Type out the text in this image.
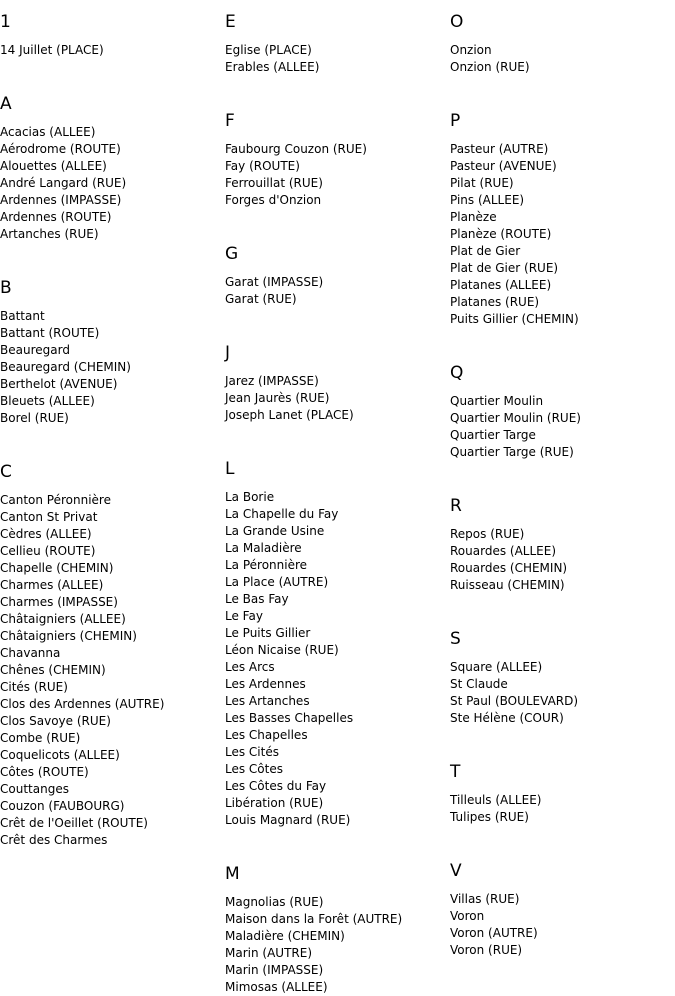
1
14 Juillet (PLACE)
A
Acacias (ALLEE)
Aérodrome (ROUTE)
Alouettes (ALLEE)
André Langard (RUE)
Ardennes (IMPASSE)
Ardennes (ROUTE)
Artanches (RUE)
B
Battant
Battant (ROUTE)
Beauregard
Beauregard (CHEMIN)
Berthelot (AVENUE)
Bleuets (ALLEE)
Borel (RUE)
C
Canton Péronnière
Canton St Privat
Cèdres (ALLEE)
Cellieu (ROUTE)
Chapelle (CHEMIN)
Charmes (ALLEE)
Charmes (IMPASSE)
Châtaigniers (ALLEE)
Châtaigniers (CHEMIN)
Chavanna
Chênes (CHEMIN)
Cités (RUE)
Clos des Ardennes (AUTRE)
Clos Savoye (RUE)
Combe (RUE)
Coquelicots (ALLEE)
Côtes (ROUTE)
Couttanges
Couzon (FAUBOURG)
Crêt de l'Oeillet (ROUTE)
Crêt des Charmes
E
Eglise (PLACE)
Erables (ALLEE)
F
Faubourg Couzon (RUE)
Fay (ROUTE)
Ferrouillat (RUE)
Forges d'Onzion
G
Garat (IMPASSE)
Garat (RUE)
J
Jarez (IMPASSE)
Jean Jaurès (RUE)
Joseph Lanet (PLACE)
L
La Borie
La Chapelle du Fay
La Grande Usine
La Maladière
La Péronnière
La Place (AUTRE)
Le Bas Fay
Le Fay
Le Puits Gillier
Léon Nicaise (RUE)
Les Arcs
Les Ardennes
Les Artanches
Les Basses Chapelles
Les Chapelles
Les Cités
Les Côtes
Les Côtes du Fay
Libération (RUE)
Louis Magnard (RUE)
M
Magnolias (RUE)
Maison dans la Forêt (AUTRE)
Maladière (CHEMIN)
Marin (AUTRE)
Marin (IMPASSE)
Mimosas (ALLEE)
O
Onzion
Onzion (RUE)
P
Pasteur (AUTRE)
Pasteur (AVENUE)
Pilat (RUE)
Pins (ALLEE)
Planèze
Planèze (ROUTE)
Plat de Gier
Plat de Gier (RUE)
Platanes (ALLEE)
Platanes (RUE)
Puits Gillier (CHEMIN)
Q
Quartier Moulin
Quartier Moulin (RUE)
Quartier Targe
Quartier Targe (RUE)
R
Repos (RUE)
Rouardes (ALLEE)
Rouardes (CHEMIN)
Ruisseau (CHEMIN)
S
Square (ALLEE)
St Claude
St Paul (BOULEVARD)
Ste Hélène (COUR)
T
Tilleuls (ALLEE)
Tulipes (RUE)
V
Villas (RUE)
Voron
Voron (AUTRE)
Voron (RUE)
